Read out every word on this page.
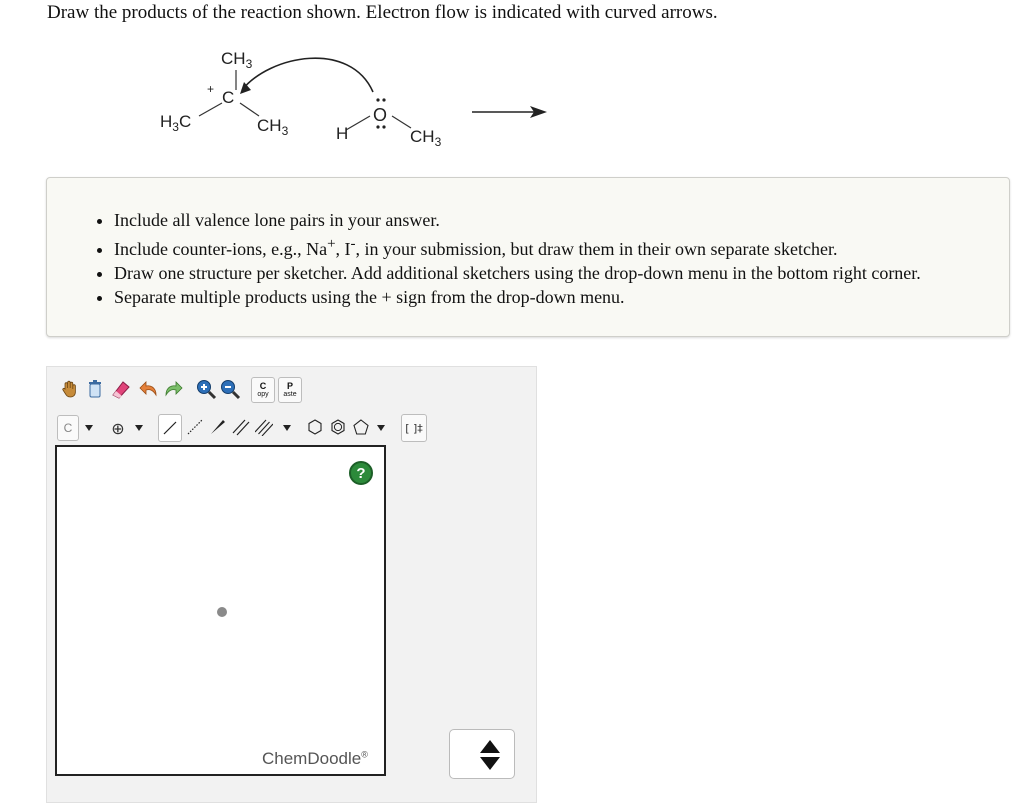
Draw the products of the reaction shown. Electron flow is indicated with curved arrows.
$CH_3$
+ C
$H_3C$	$CH_3$	H
O
$CH_3$
• Include all valence lone pairs in your answer.
• Include counter-ions, e.g., Na+, I-, in your submission, but draw them in their own separate sketcher.
• Draw one structure per sketcher. Add additional sketchers using the drop-down menu in the bottom right corner.
• Separate multiple products using the + sign from the drop-down menu.
C
opy
P
aste
C	⊕	[ ]‡
?
ChemDoodle®
